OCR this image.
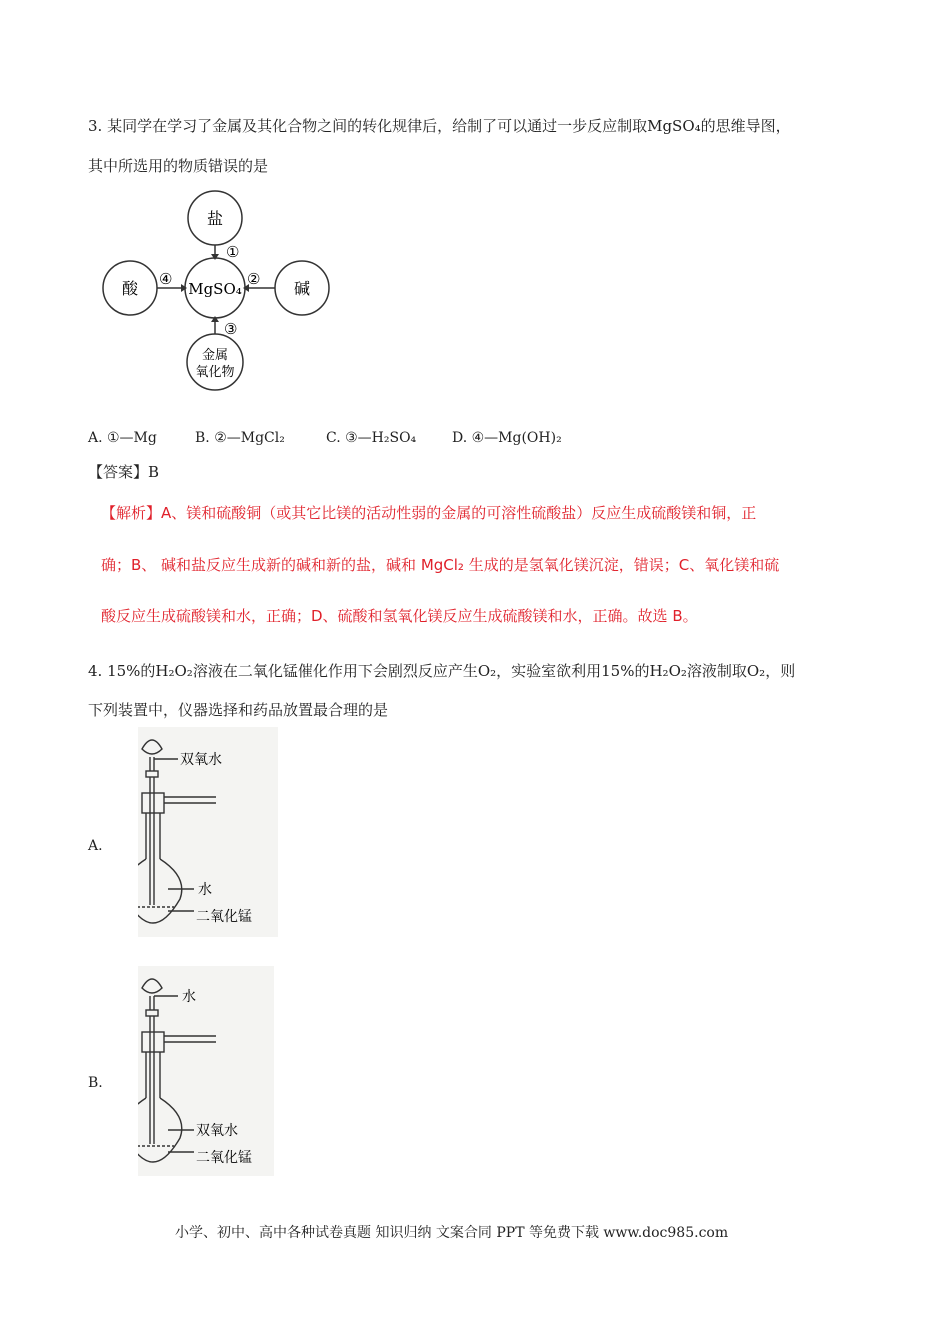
3. 某同学在学习了金属及其化合物之间的转化规律后，给制了可以通过一步反应制取MgSO₄的思维导图，
其中所选用的物质错误的是
盐
酸	碱
MgSO₄
金属
氧化物
①
②
③
④
A. ①—Mg	B. ②—MgCl₂	C. ③—H₂SO₄	D. ④—Mg(OH)₂
【答案】B
【解析】A、镁和硫酸铜（或其它比镁的活动性弱的金属的可溶性硫酸盐）反应生成硫酸镁和铜，正
确；B、 碱和盐反应生成新的碱和新的盐，碱和 MgCl₂ 生成的是氢氧化镁沉淀，错误；C、氧化镁和硫
酸反应生成硫酸镁和水，正确；D、硫酸和氢氧化镁反应生成硫酸镁和水，正确。故选 B。
4. 15%的H₂O₂溶液在二氧化锰催化作用下会剧烈反应产生O₂，实验室欲利用15%的H₂O₂溶液制取O₂，则
下列装置中，仪器选择和药品放置最合理的是
A.
双氧水
水
二氧化锰
B.
水
双氧水
二氧化锰
小学、初中、高中各种试卷真题 知识归纳 文案合同 PPT 等免费下载 www.doc985.com
